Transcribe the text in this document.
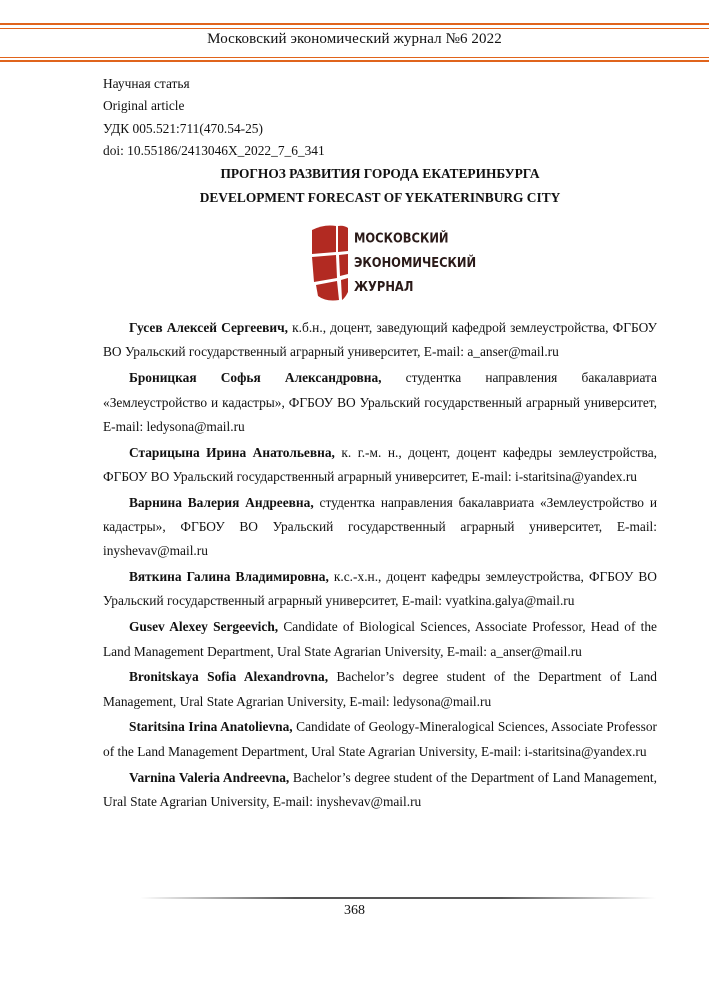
Московский экономический журнал №6 2022
Научная статья
Original article
УДК 005.521:711(470.54-25)
doi: 10.55186/2413046X_2022_7_6_341
ПРОГНОЗ РАЗВИТИЯ ГОРОДА ЕКАТЕРИНБУРГА
DEVELOPMENT FORECAST OF YEKATERINBURG CITY
МОСКОВСКИЙ
ЭКОНОМИЧЕСКИЙ
ЖУРНАЛ

Гусев Алексей Сергеевич, к.б.н., доцент, заведующий кафедрой землеустройства, ФГБОУ ВО Уральский государственный аграрный университет, E-mail: a_anser@mail.ru

Броницкая Софья Александровна, студентка направления бакалавриата «Землеустройство и кадастры», ФГБОУ ВО Уральский государственный аграрный университет, E-mail: ledysona@mail.ru

Старицына Ирина Анатольевна, к. г.-м. н., доцент, доцент кафедры землеустройства, ФГБОУ ВО Уральский государственный аграрный университет, E-mail: i-staritsina@yandex.ru

Варнина Валерия Андреевна, студентка направления бакалавриата «Землеустройство и кадастры», ФГБОУ ВО Уральский государственный аграрный университет, E-mail: inyshevav@mail.ru

Вяткина Галина Владимировна, к.с.-х.н., доцент кафедры землеустройства, ФГБОУ ВО Уральский государственный аграрный университет, E-mail: vyatkina.galya@mail.ru

Gusev Alexey Sergeevich, Candidate of Biological Sciences, Associate Professor, Head of the Land Management Department, Ural State Agrarian University, E-mail: a_anser@mail.ru

Bronitskaya Sofia Alexandrovna, Bachelor’s degree student of the Department of Land Management, Ural State Agrarian University, E-mail: ledysona@mail.ru

Staritsina Irina Anatolievna, Candidate of Geology-Mineralogical Sciences, Associate Professor of the Land Management Department, Ural State Agrarian University, E-mail: i-staritsina@yandex.ru

Varnina Valeria Andreevna, Bachelor’s degree student of the Department of Land Management, Ural State Agrarian University, E-mail: inyshevav@mail.ru

368
